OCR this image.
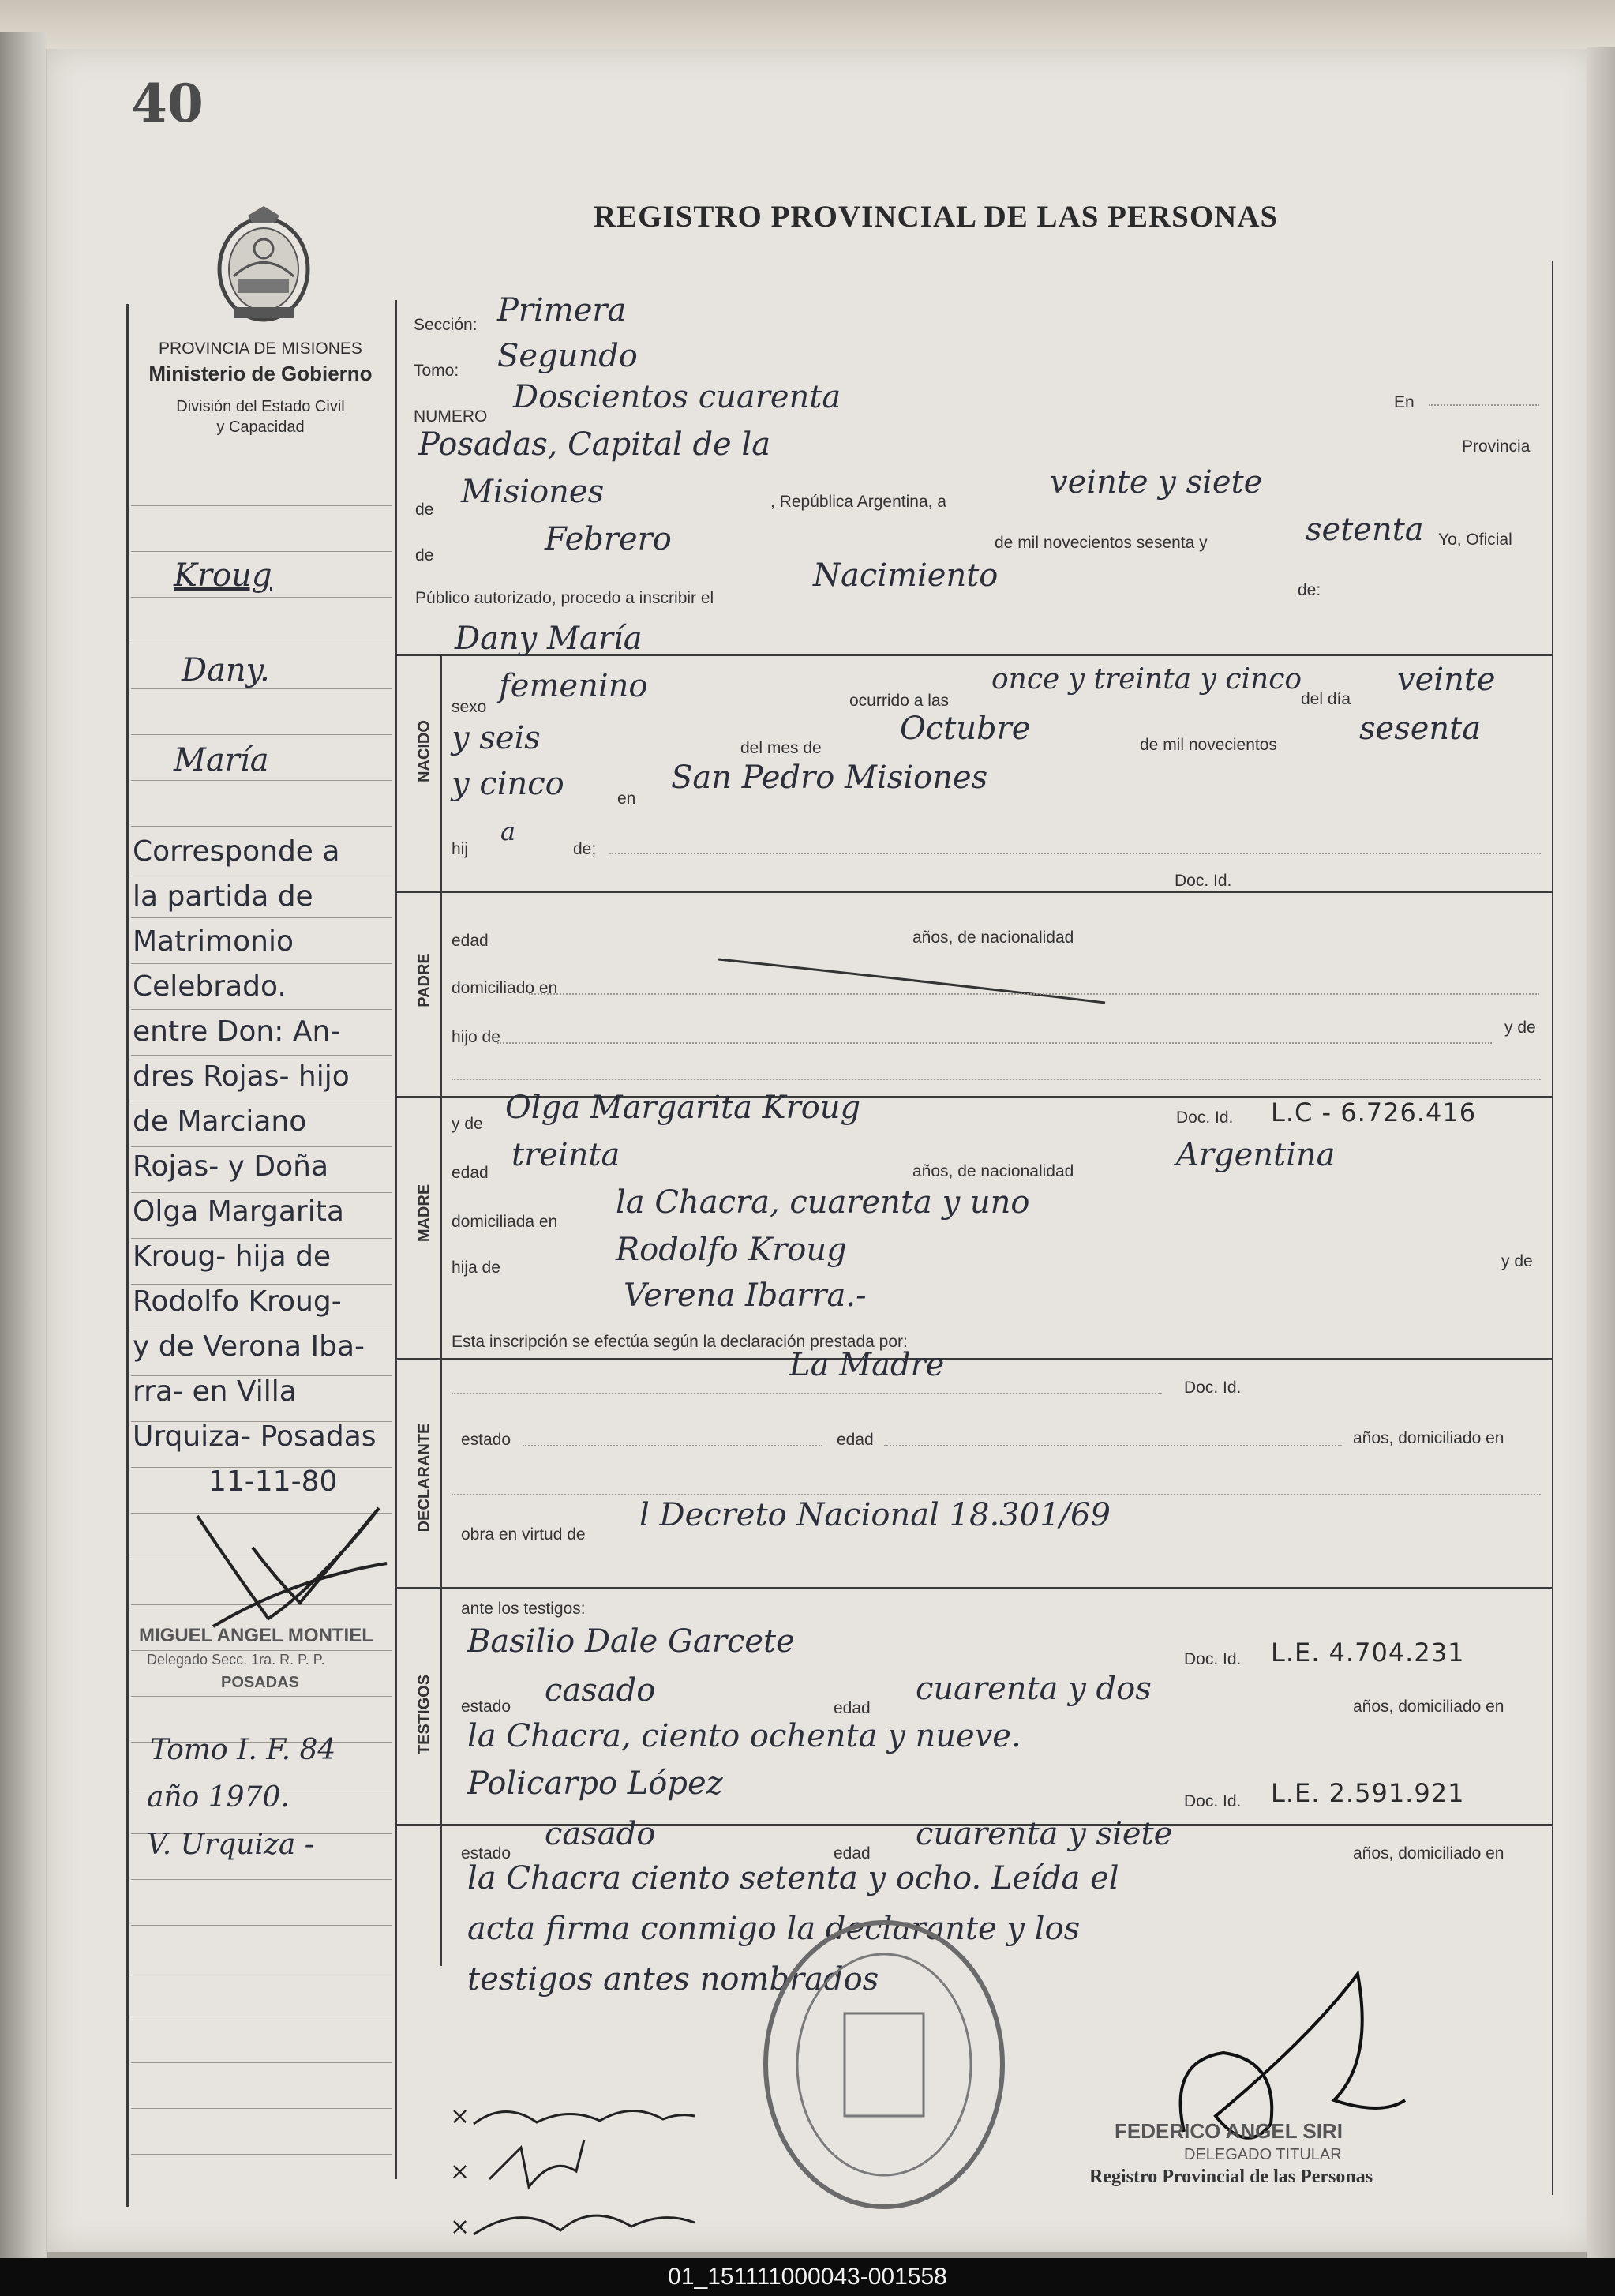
40
REGISTRO PROVINCIAL DE LAS PERSONAS
PROVINCIA DE MISIONES
Ministerio de Gobierno
División del Estado Civil
y Capacidad
NACIDO
PADRE
MADRE
DECLARANTE
TESTIGOS
Sección: Primera
Tomo: Segundo
NUMERO
Doscientos cuarenta	En
Posadas, Capital de la	Provincia
de Misiones	, República Argentina, a
veinte y siete
de	Febrero	de mil novecientos sesenta y	setenta Yo, Oficial
Público autorizado, procedo a inscribir el
Nacimiento	de:
Dany María
sexo
femenino	ocurrido a las
once y treinta y cinco
del día
veinte
y seis	del mes de
Octubre	de mil novecientos	sesenta
y cinco	en
San Pedro Misiones
hij
a
de;
Doc. Id.
edad	años, de nacionalidad
domiciliado en
hijo de
y de
y de Olga Margarita Kroug	Doc. Id. L.C - 6.726.416
edad treinta	años, de nacionalidad	Argentina
domiciliada en
la Chacra, cuarenta y uno
hija de	Rodolfo Kroug	y de
Verena Ibarra.-
Esta inscripción se efectúa según la declaración prestada por:
La Madre
Doc. Id.
estado	edad	años, domiciliado en
obra en virtud de
l Decreto Nacional 18.301/69
ante los testigos:
Basilio Dale Garcete	Doc. Id. L.E. 4.704.231
estado casado	edad
cuarenta y dos	años, domiciliado en
la Chacra, ciento ochenta y nueve.
Policarpo López	Doc. Id. L.E. 2.591.921
estado
casado
edad
cuarenta y siete
años, domiciliado en
la Chacra ciento setenta y ocho. Leída el
acta firma conmigo la declarante y los
testigos antes nombrados
Kroug
Dany.
María
Corresponde a
la partida de
Matrimonio
Celebrado.
entre Don: An-
dres Rojas- hijo
de Marciano
Rojas- y Doña
Olga Margarita
Kroug- hija de
Rodolfo Kroug-
y de Verona Iba-
rra- en Villa
Urquiza- Posadas
11-11-80
MIGUEL ANGEL MONTIEL
Delegado Secc. 1ra. R. P. P.
POSADAS
Tomo I. F. 84
año 1970.
V. Urquiza -
×
×
×
FEDERICO ANGEL SIRI
DELEGADO TITULAR
Registro Provincial de las Personas
01_151111000043-001558
